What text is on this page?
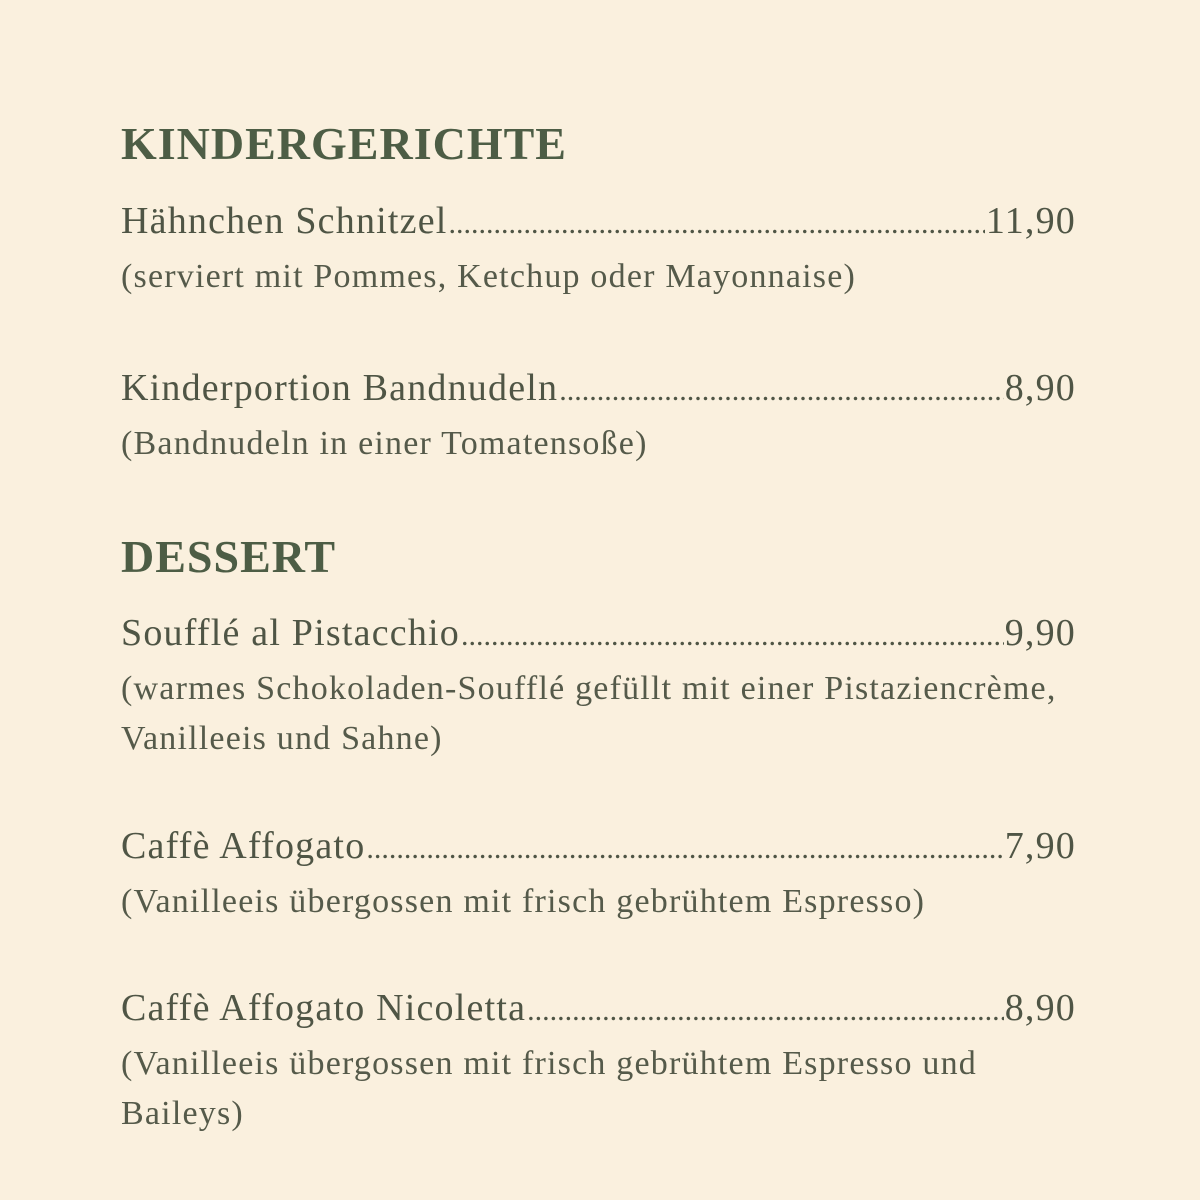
KINDERGERICHTE
Hähnchen Schnitzel .....	11,90
(serviert mit Pommes, Ketchup oder Mayonnaise)
Kinderportion Bandnudeln .....	8,90
(Bandnudeln in einer Tomatensoße)
DESSERT
Soufflé al Pistacchio .....	9,90
(warmes Schokoladen-Soufflé gefüllt mit einer Pistaziencrème, Vanilleeis und Sahne)
Caffè Affogato .....	7,90
(Vanilleeis übergossen mit frisch gebrühtem Espresso)
Caffè Affogato Nicoletta .....	8,90
(Vanilleeis übergossen mit frisch gebrühtem Espresso und Baileys)
